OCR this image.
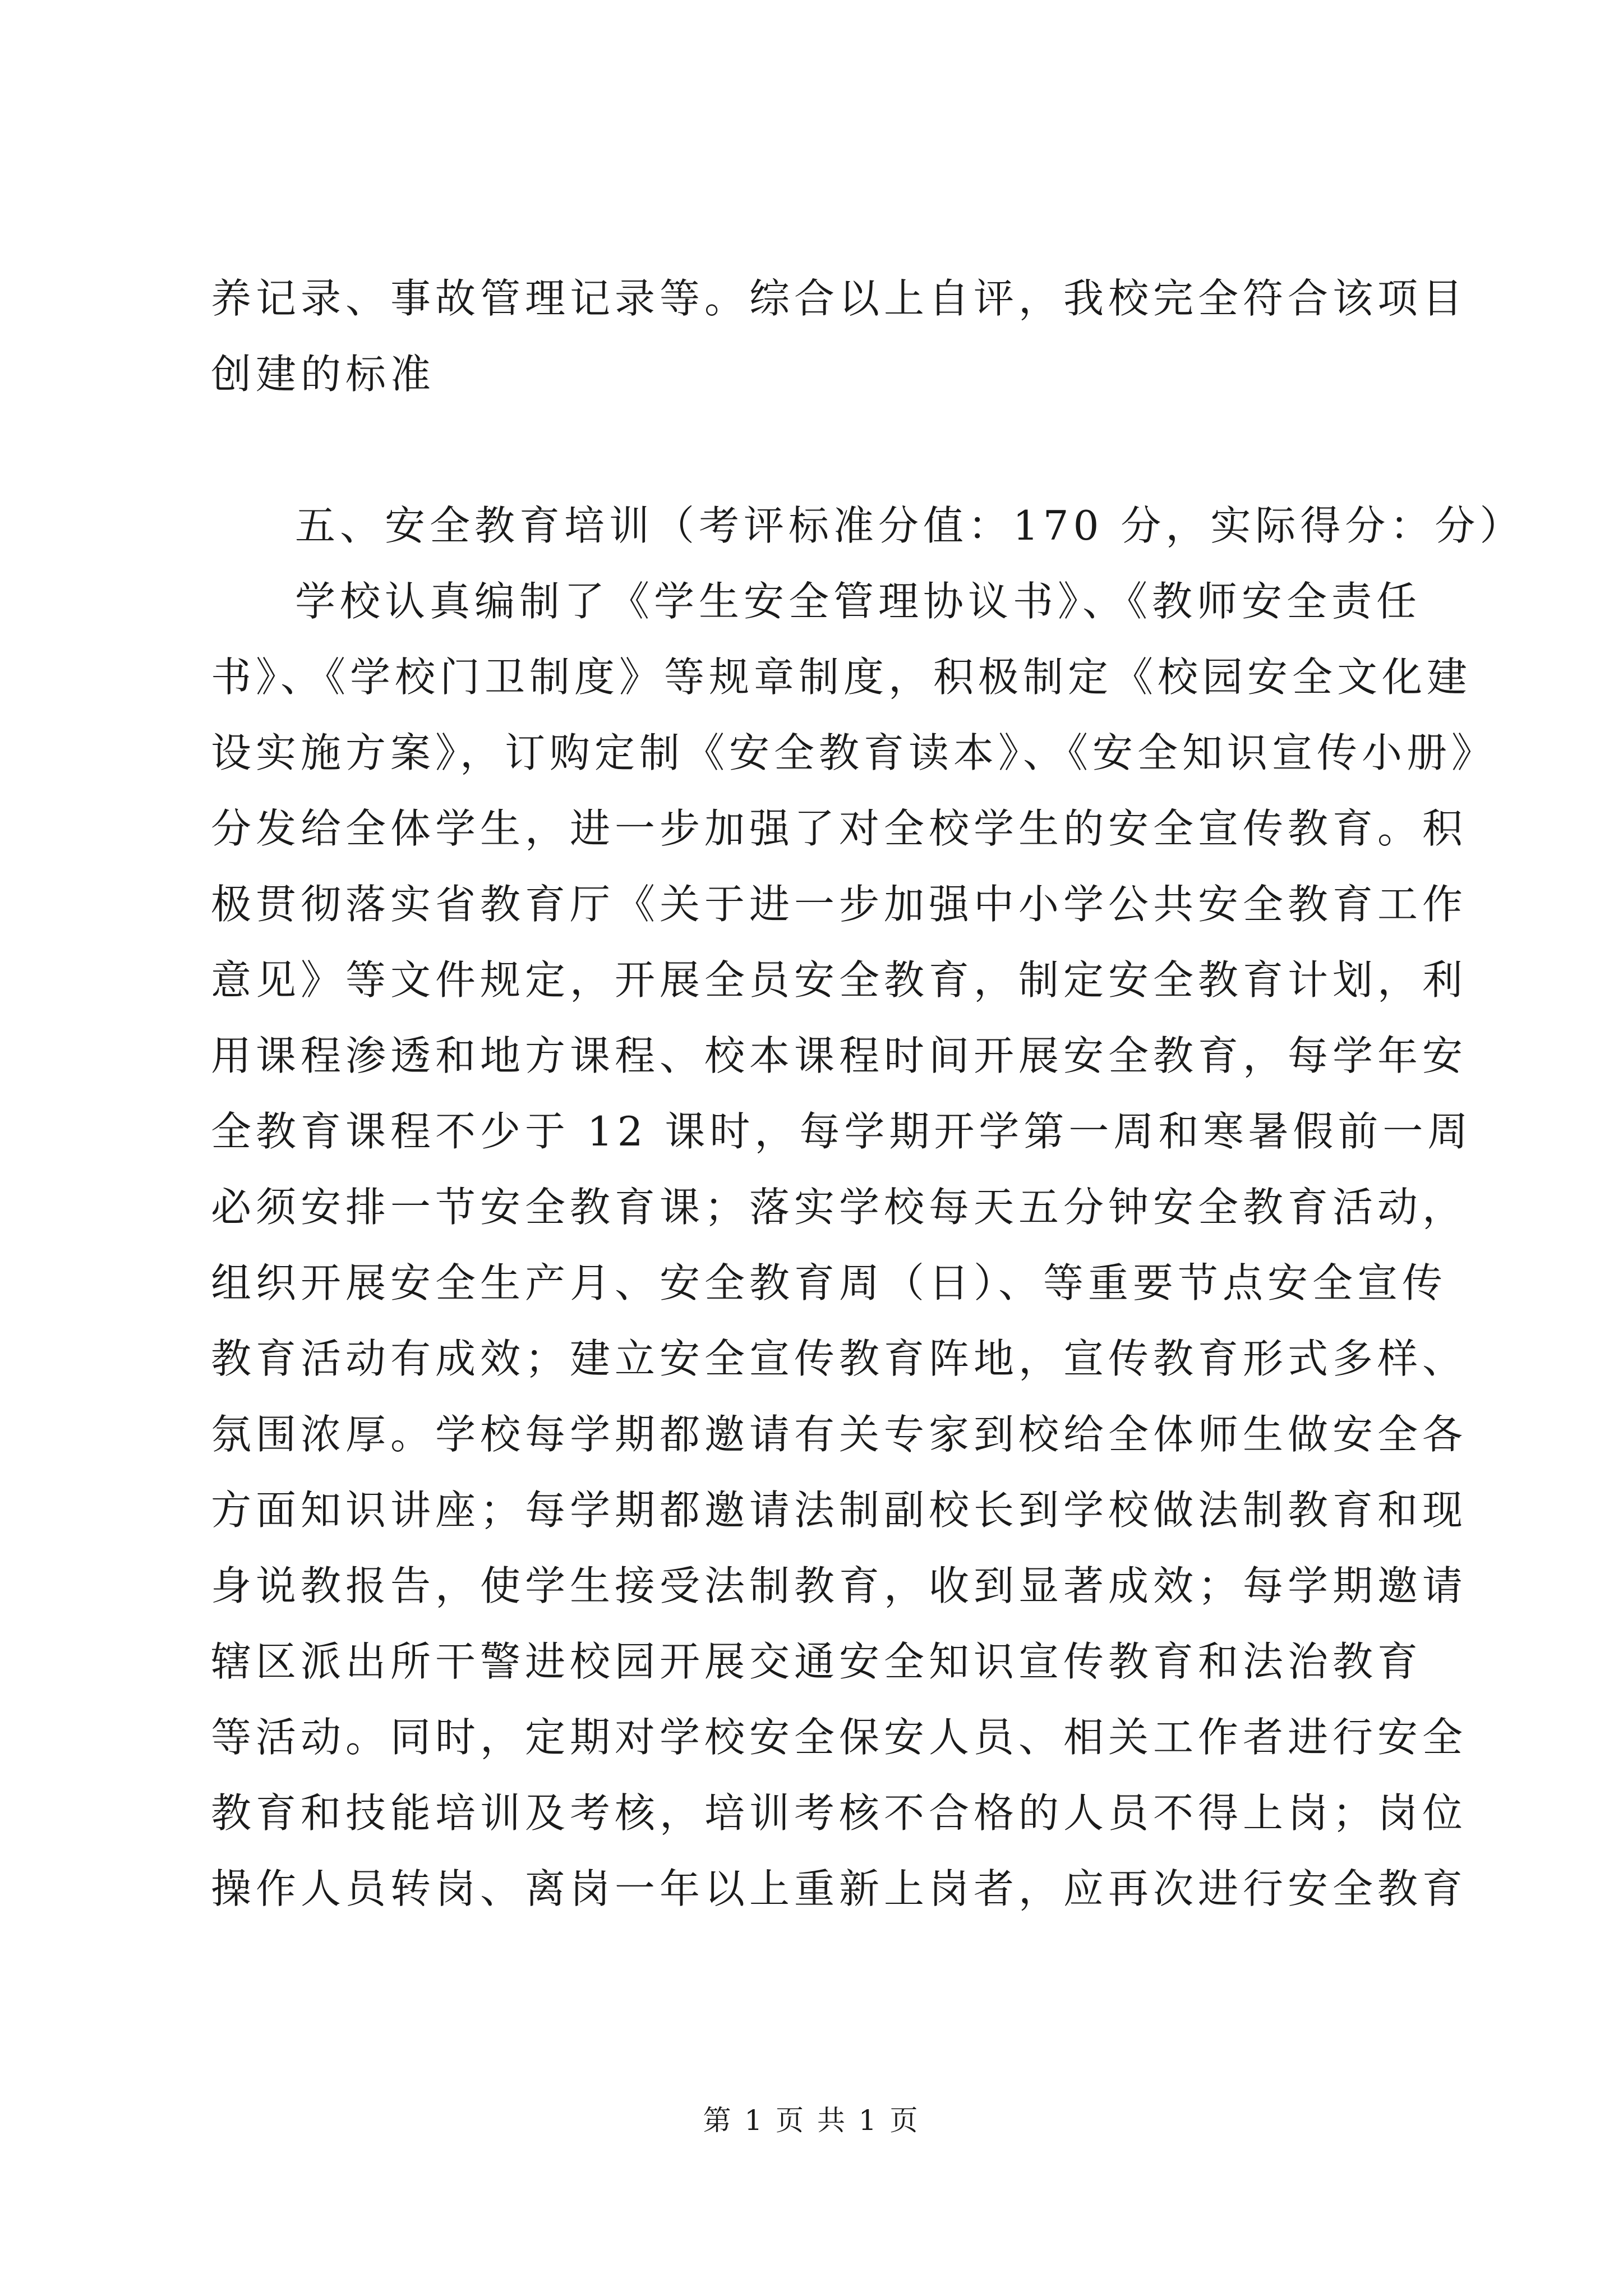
养记录、事故管理记录等。综合以上自评，我校完全符合该项目
创建的标准
五、安全教育培训（考评标准分值：170 分，实际得分：分）
学校认真编制了《学生安全管理协议书》、《教师安全责任
书》、《学校门卫制度》等规章制度，积极制定《校园安全文化建
设实施方案》，订购定制《安全教育读本》、《安全知识宣传小册》
分发给全体学生，进一步加强了对全校学生的安全宣传教育。积
极贯彻落实省教育厅《关于进一步加强中小学公共安全教育工作
意见》等文件规定，开展全员安全教育，制定安全教育计划，利
用课程渗透和地方课程、校本课程时间开展安全教育，每学年安
全教育课程不少于 12 课时，每学期开学第一周和寒暑假前一周
必须安排一节安全教育课；落实学校每天五分钟安全教育活动，
组织开展安全生产月、安全教育周（日）、等重要节点安全宣传
教育活动有成效；建立安全宣传教育阵地，宣传教育形式多样、
氛围浓厚。学校每学期都邀请有关专家到校给全体师生做安全各
方面知识讲座；每学期都邀请法制副校长到学校做法制教育和现
身说教报告，使学生接受法制教育，收到显著成效；每学期邀请
辖区派出所干警进校园开展交通安全知识宣传教育和法治教育
等活动。同时，定期对学校安全保安人员、相关工作者进行安全
教育和技能培训及考核，培训考核不合格的人员不得上岗；岗位
操作人员转岗、离岗一年以上重新上岗者，应再次进行安全教育
第 1 页 共 1 页
